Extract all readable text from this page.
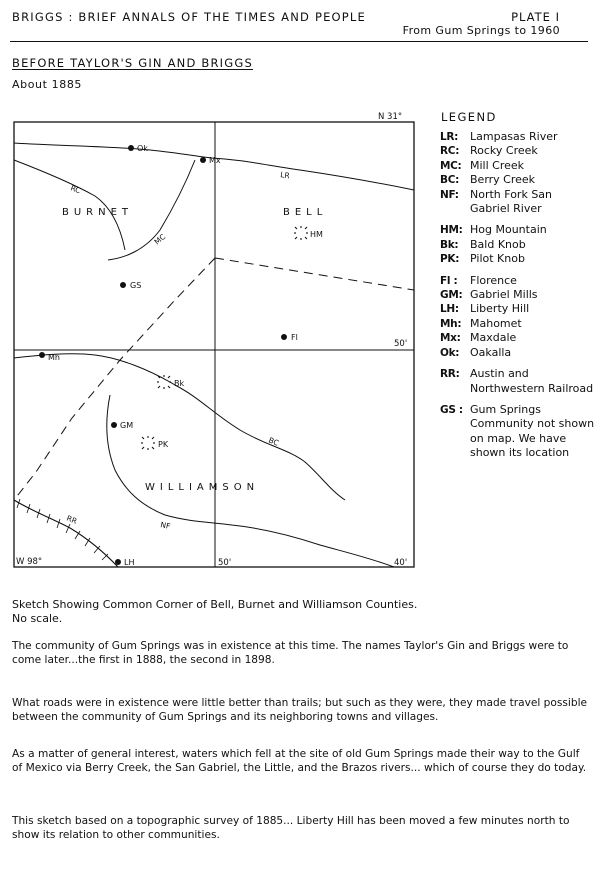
BRIGGS : BRIEF ANNALS OF THE TIMES AND PEOPLE	PLATE I
From Gum Springs to 1960
BEFORE TAYLOR'S GIN AND BRIGGS
About 1885
RC
LR
MC
BC
NF
RR
BURNET	BELL
WILLIAMSON
N 31°
W 98°
50'
50'	40'
Ok
Mx
GS
Fl
Mh
GM
LH
HM
Bk
PK
LEGEND
LR:	Lampasas River
RC: Rocky Creek
MC: Mill Creek
BC: Berry Creek
NF:	North Fork San Gabriel River
HM: Hog Mountain
Bk:	Bald Knob
PK: Pilot Knob
Fl :	Florence
GM: Gabriel Mills
LH:	Liberty Hill
Mh: Mahomet
Mx: Maxdale
Ok: Oakalla
RR: Austin and Northwestern Railroad
GS : Gum Springs Community not shown on map. We have shown its location
Sketch Showing Common Corner of Bell, Burnet and Williamson Counties. No scale.
The community of Gum Springs was in existence at this time. The names Taylor's Gin and Briggs were to come later...the first in 1888, the second in 1898.
What roads were in existence were little better than trails; but such as they were, they made travel possible between the community of Gum Springs and its neighboring towns and villages.
As a matter of general interest, waters which fell at the site of old Gum Springs made their way to the Gulf of Mexico via Berry Creek, the San Gabriel, the Little, and the Brazos rivers... which of course they do today.
This sketch based on a topographic survey of 1885... Liberty Hill has been moved a few minutes north to show its relation to other communities.
